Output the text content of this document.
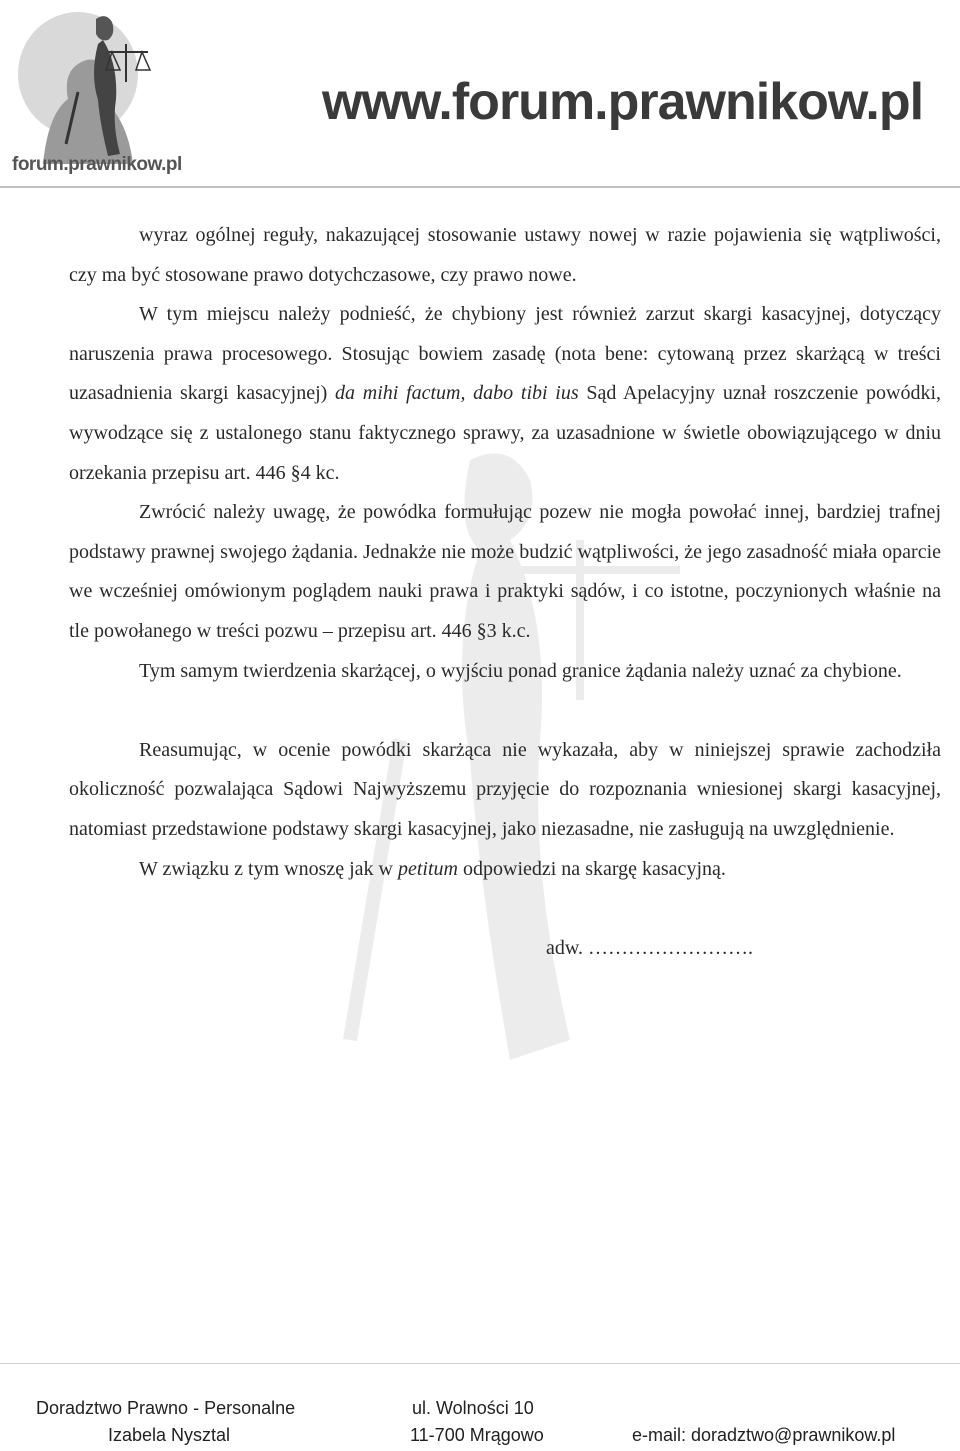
forum.prawnikow.pl
www.forum.prawnikow.pl

wyraz ogólnej reguły, nakazującej stosowanie ustawy nowej w razie pojawienia się wątpliwości, czy ma być stosowane prawo dotychczasowe, czy prawo nowe.

W tym miejscu należy podnieść, że chybiony jest również zarzut skargi kasacyjnej, dotyczący naruszenia prawa procesowego. Stosując bowiem zasadę (nota bene: cytowaną przez skarżącą w treści uzasadnienia skargi kasacyjnej) da mihi factum, dabo tibi ius Sąd Apelacyjny uznał roszczenie powódki, wywodzące się z ustalonego stanu faktycznego sprawy, za uzasadnione w świetle obowiązującego w dniu orzekania przepisu art. 446 §4 kc.

Zwrócić należy uwagę, że powódka formułując pozew nie mogła powołać innej, bardziej trafnej podstawy prawnej swojego żądania. Jednakże nie może budzić wątpliwości, że jego zasadność miała oparcie we wcześniej omówionym poglądem nauki prawa i praktyki sądów, i co istotne, poczynionych właśnie na tle powołanego w treści pozwu – przepisu art. 446 §3 k.c.

Tym samym twierdzenia skarżącej, o wyjściu ponad granice żądania należy uznać za chybione.

Reasumując, w ocenie powódki skarżąca nie wykazała, aby w niniejszej sprawie zachodziła okoliczność pozwalająca Sądowi Najwyższemu przyjęcie do rozpoznania wniesionej skargi kasacyjnej, natomiast przedstawione podstawy skargi kasacyjnej, jako niezasadne, nie zasługują na uwzględnienie.

W związku z tym wnoszę jak w petitum odpowiedzi na skargę kasacyjną.

adw. …………………….

Doradztwo Prawno - Personalne
Izabela Nysztal
ul. Wolności 10
11-700 Mrągowo	e-mail: doradztwo@prawnikow.pl
